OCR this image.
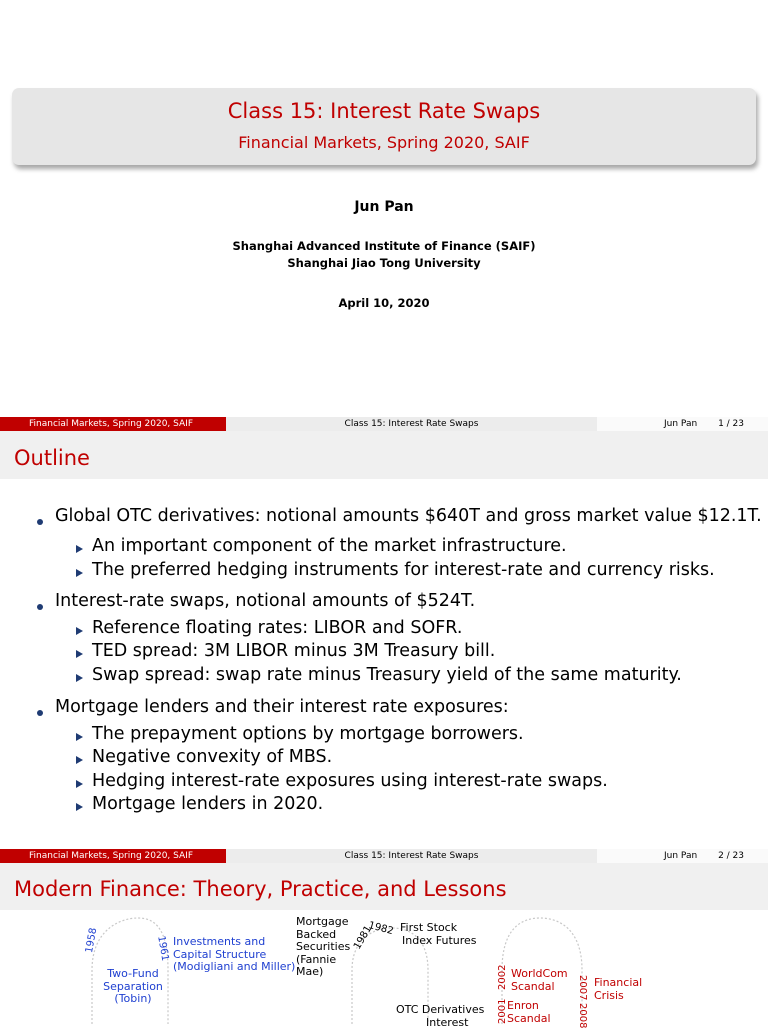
Class 15: Interest Rate Swaps
Financial Markets, Spring 2020, SAIF
Jun Pan
Shanghai Advanced Institute of Finance (SAIF)
Shanghai Jiao Tong University
April 10, 2020
Financial Markets, Spring 2020, SAIF	Class 15: Interest Rate Swaps	Jun Pan 1 / 23
Outline
Global OTC derivatives: notional amounts $640T and gross market value $12.1T.
An important component of the market infrastructure.
The preferred hedging instruments for interest-rate and currency risks.
Interest-rate swaps, notional amounts of $524T.
Reference floating rates: LIBOR and SOFR.
TED spread: 3M LIBOR minus 3M Treasury bill.
Swap spread: swap rate minus Treasury yield of the same maturity.
Mortgage lenders and their interest rate exposures:
The prepayment options by mortgage borrowers.
Negative convexity of MBS.
Hedging interest-rate exposures using interest-rate swaps.
Mortgage lenders in 2020.
Financial Markets, Spring 2020, SAIF	Class 15: Interest Rate Swaps	Jun Pan 2 / 23
Modern Finance: Theory, Practice, and Lessons
1958
Two-Fund
Separation
(Tobin)
1961 Investments and
Capital Structure
(Modigliani and Miller)
Mortgage
Backed
Securities
(Fannie
Mae)
1981
1982 First Stock
Index Futures
OTC Derivatives
Interest	2001
2002 WorldCom
Scandal
Enron
Scandal
2007
2008
Financial
Crisis
